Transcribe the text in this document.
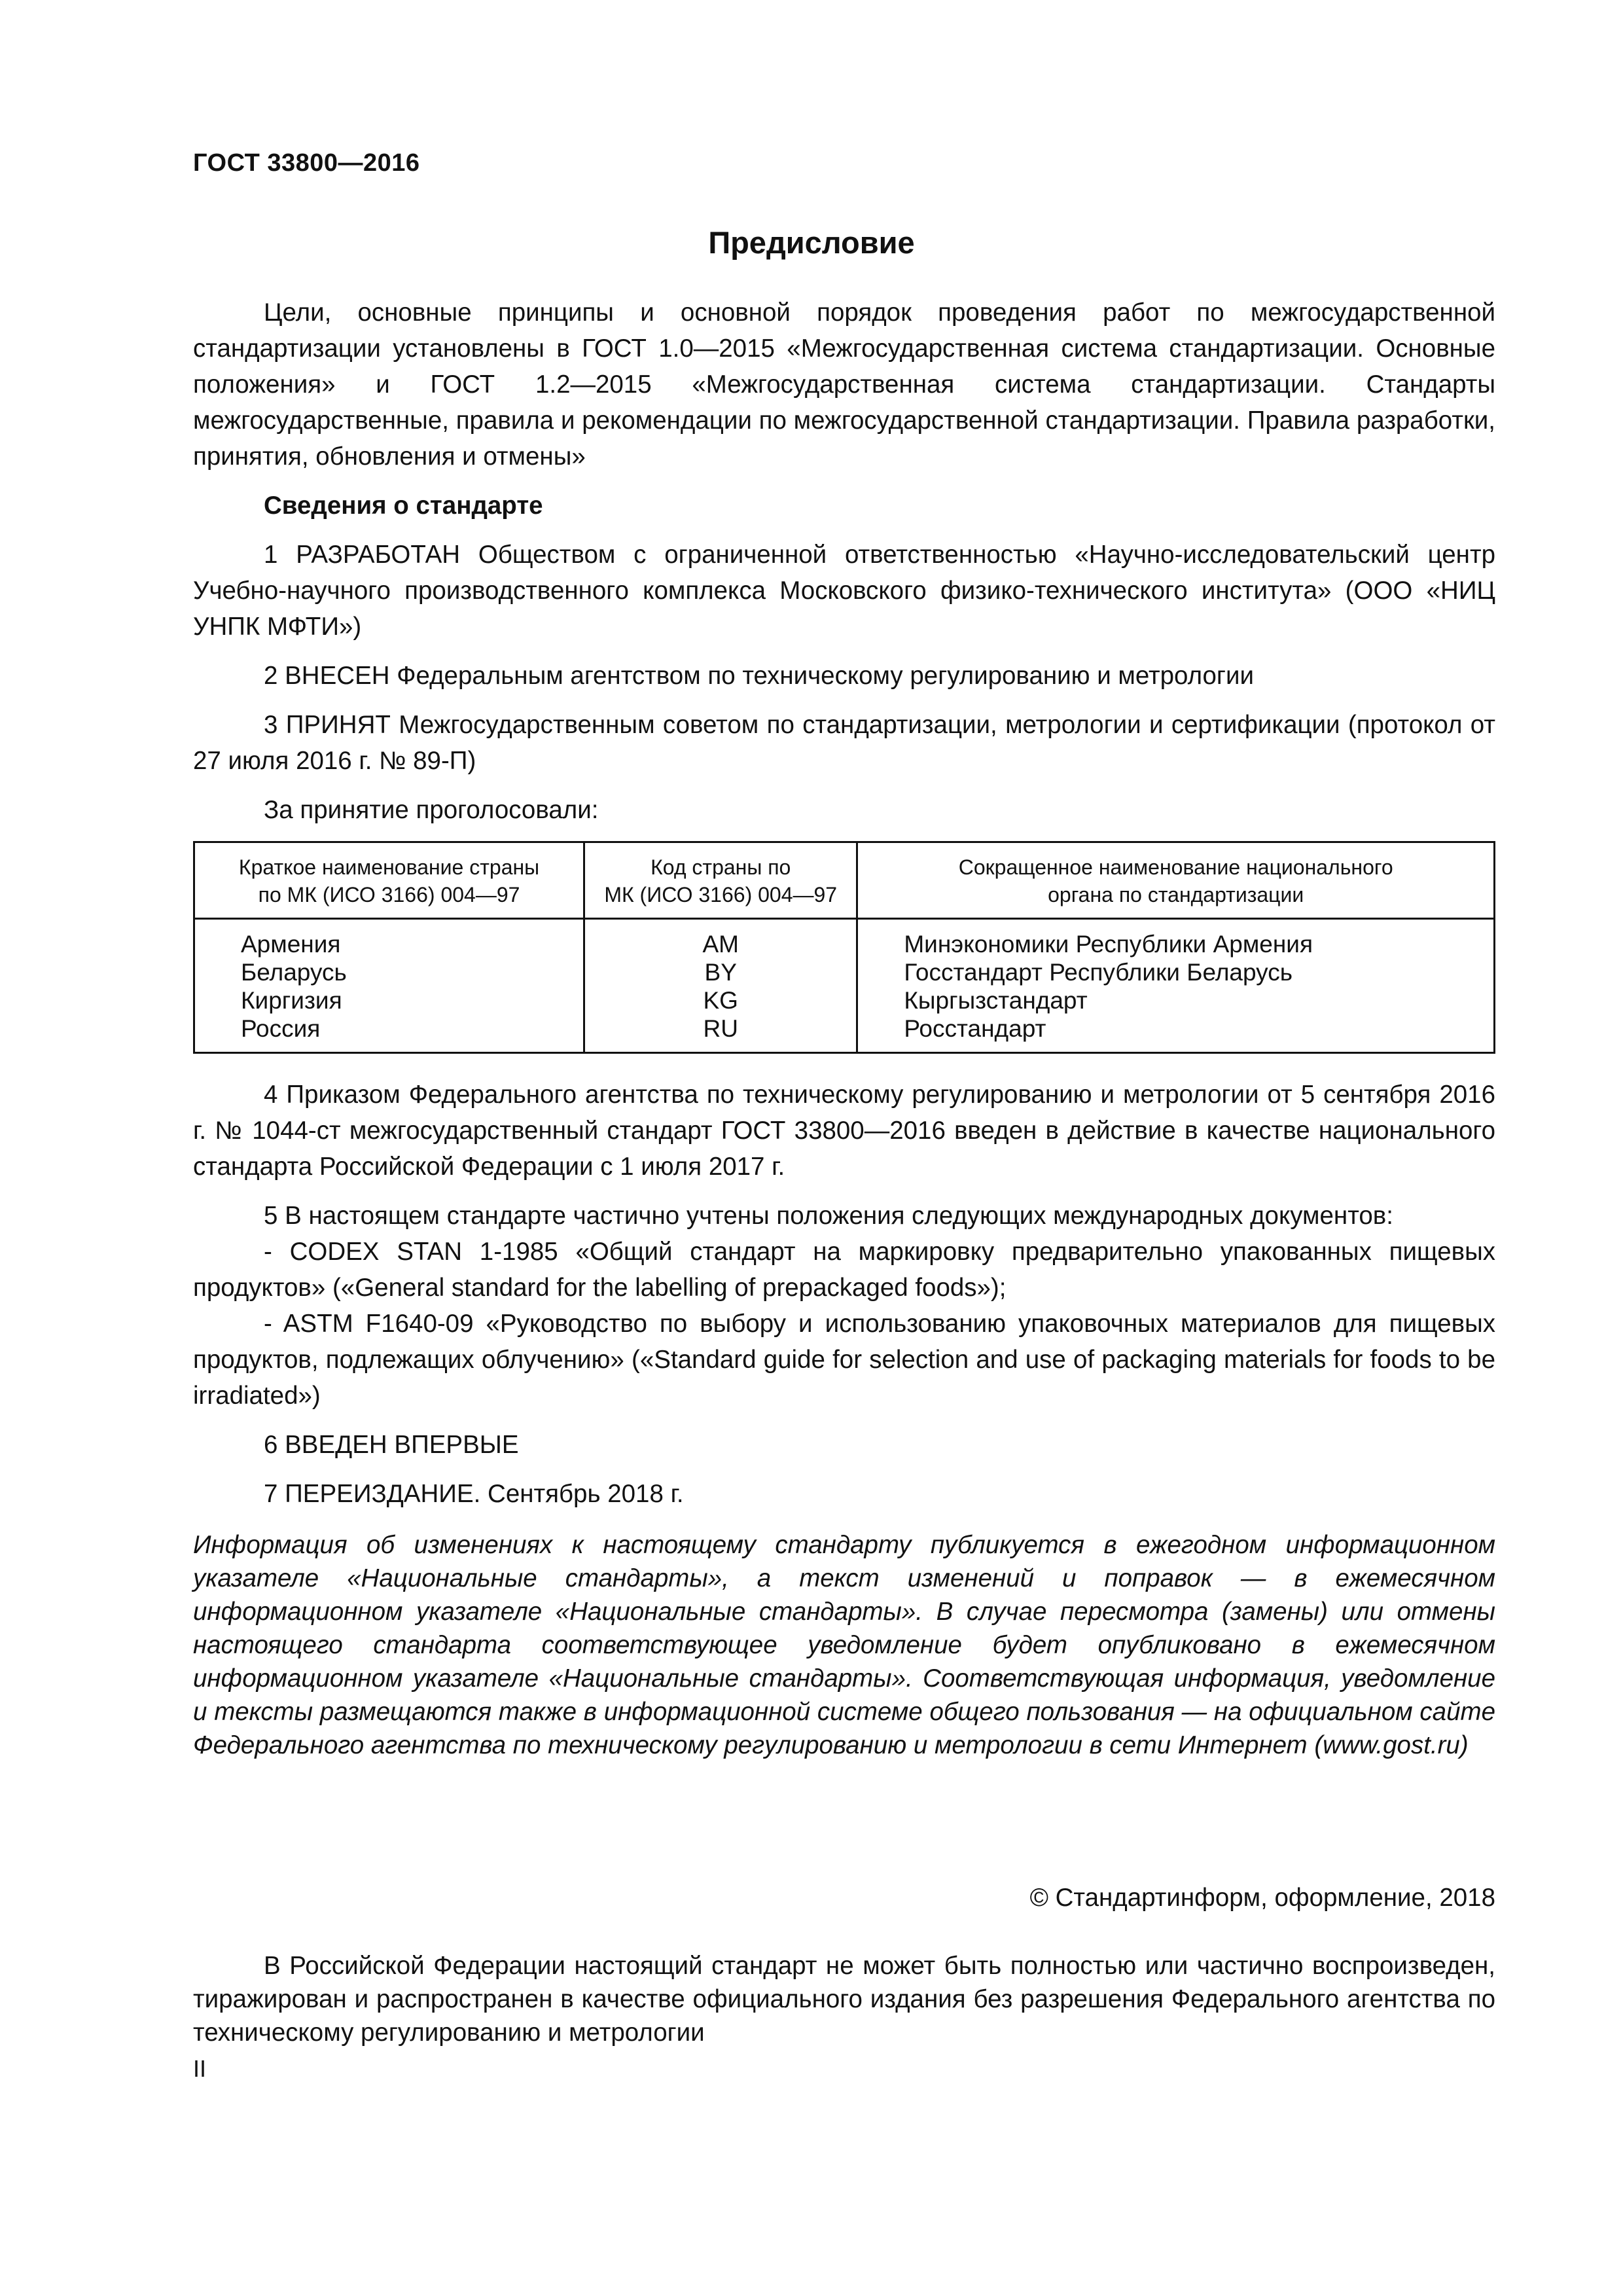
ГОСТ 33800—2016
Предисловие

Цели, основные принципы и основной порядок проведения работ по межгосударственной стандартизации установлены в ГОСТ 1.0—2015 «Межгосударственная система стандартизации. Основные положения» и ГОСТ 1.2—2015 «Межгосударственная система стандартизации. Стандарты межгосударственные, правила и рекомендации по межгосударственной стандартизации. Правила разработки, принятия, обновления и отмены»

Сведения о стандарте

1 РАЗРАБОТАН Обществом с ограниченной ответственностью «Научно-исследовательский центр Учебно-научного производственного комплекса Московского физико-технического института» (ООО «НИЦ УНПК МФТИ»)

2 ВНЕСЕН Федеральным агентством по техническому регулированию и метрологии

3 ПРИНЯТ Межгосударственным советом по стандартизации, метрологии и сертификации (протокол от 27 июля 2016 г. № 89-П)

За принятие проголосовали:

Краткое наименование страны
по МК (ИСО 3166) 004—97	Код страны по
МК (ИСО 3166) 004—97	Сокращенное наименование национального
органа по стандартизации

Армения
Беларусь
Киргизия
Россия	AM
BY
KG
RU	Минэкономики Республики Армения
Госстандарт Республики Беларусь
Кыргызстандарт
Росстандарт

4 Приказом Федерального агентства по техническому регулированию и метрологии от 5 сентября 2016 г. № 1044-ст межгосударственный стандарт ГОСТ 33800—2016 введен в действие в качестве национального стандарта Российской Федерации с 1 июля 2017 г.

5 В настоящем стандарте частично учтены положения следующих международных документов:

- CODEX STAN 1-1985 «Общий стандарт на маркировку предварительно упакованных пищевых продуктов» («General standard for the labelling of prepackaged foods»);

- ASTM F1640-09 «Руководство по выбору и использованию упаковочных материалов для пищевых продуктов, подлежащих облучению» («Standard guide for selection and use of packaging materials for foods to be irradiated»)

6 ВВЕДЕН ВПЕРВЫЕ

7 ПЕРЕИЗДАНИЕ. Сентябрь 2018 г.

Информация об изменениях к настоящему стандарту публикуется в ежегодном информационном указателе «Национальные стандарты», а текст изменений и поправок — в ежемесячном информационном указателе «Национальные стандарты». В случае пересмотра (замены) или отмены настоящего стандарта соответствующее уведомление будет опубликовано в ежемесячном информационном указателе «Национальные стандарты». Соответствующая информация, уведомление и тексты размещаются также в информационной системе общего пользования — на официальном сайте Федерального агентства по техническому регулированию и метрологии в сети Интернет (www.gost.ru)
© Стандартинформ, оформление, 2018
В Российской Федерации настоящий стандарт не может быть полностью или частично воспроизведен, тиражирован и распространен в качестве официального издания без разрешения Федерального агентства по техническому регулированию и метрологии
II
